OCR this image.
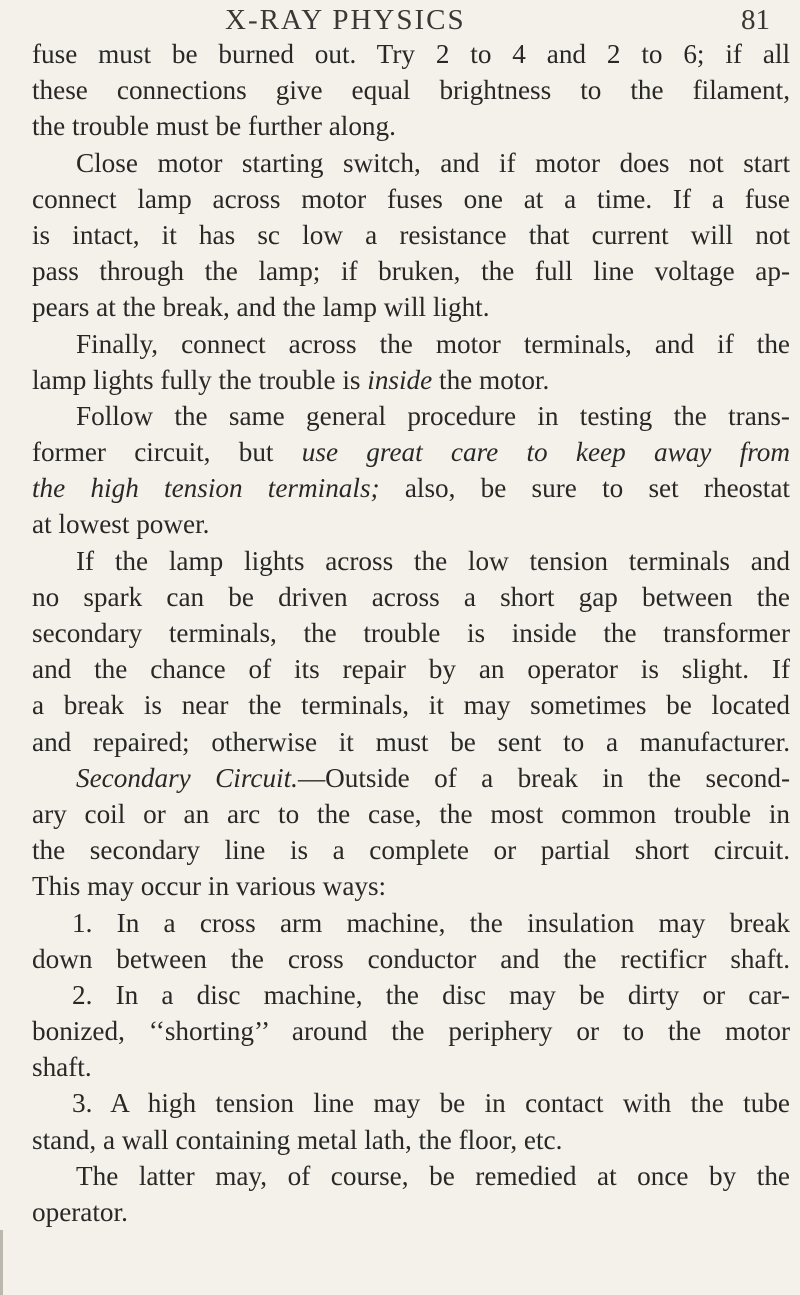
X-RAY PHYSICS	81
fuse must be burned out. Try 2 to 4 and 2 to 6; if all
these connections give equal brightness to the filament,
the trouble must be further along.
Close motor starting switch, and if motor does not start
connect lamp across motor fuses one at a time. If a fuse
is intact, it has sc low a resistance that current will not
pass through the lamp; if bruken, the full line voltage ap-
pears at the break, and the lamp will light.
Finally, connect across the motor terminals, and if the
lamp lights fully the trouble is inside the motor.
Follow the same general procedure in testing the trans-
former circuit, but use great care to keep away from
the high tension terminals; also, be sure to set rheostat
at lowest power.
If the lamp lights across the low tension terminals and
no spark can be driven across a short gap between the
secondary terminals, the trouble is inside the transformer
and the chance of its repair by an operator is slight. If
a break is near the terminals, it may sometimes be located
and repaired; otherwise it must be sent to a manufacturer.
Secondary Circuit.—Outside of a break in the second-
ary coil or an arc to the case, the most common trouble in
the secondary line is a complete or partial short circuit.
This may occur in various ways:
1. In a cross arm machine, the insulation may break
down between the cross conductor and the rectificr shaft.
2. In a disc machine, the disc may be dirty or car-
bonized, ‘‘shorting’’ around the periphery or to the motor
shaft.
3. A high tension line may be in contact with the tube
stand, a wall containing metal lath, the floor, etc.
The latter may, of course, be remedied at once by the
operator.
